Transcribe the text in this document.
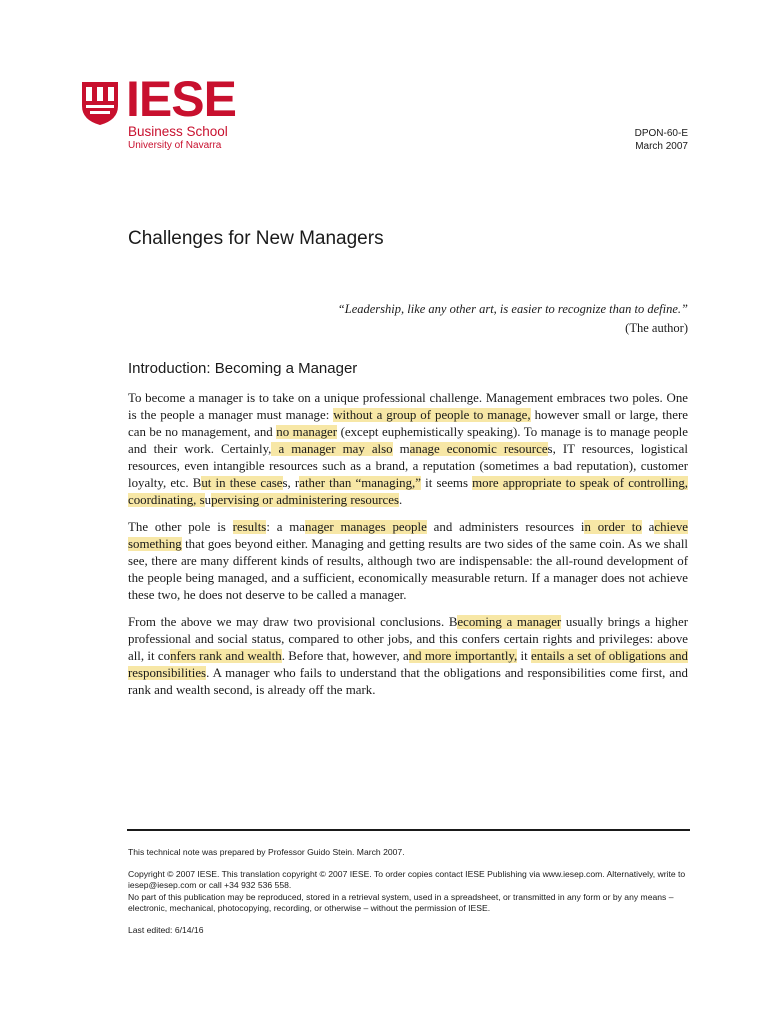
IESE
Business School
University of Navarra
DPON-60-E
March 2007
Challenges for New Managers
“Leadership, like any other art, is easier to recognize than to define.”
(The author)
Introduction: Becoming a Manager

To become a manager is to take on a unique professional challenge. Management embraces two poles. One is the people a manager must manage: without a group of people to manage, however small or large, there can be no management, and no manager (except euphemistically speaking). To manage is to manage people and their work. Certainly, a manager may also manage economic resources, IT resources, logistical resources, even intangible resources such as a brand, a reputation (sometimes a bad reputation), customer loyalty, etc. But in these cases, rather than “managing,” it seems more appropriate to speak of controlling, coordinating, supervising or administering resources.

The other pole is results: a manager manages people and administers resources in order to achieve something that goes beyond either. Managing and getting results are two sides of the same coin. As we shall see, there are many different kinds of results, although two are indispensable: the all-round development of the people being managed, and a sufficient, economically measurable return. If a manager does not achieve these two, he does not deserve to be called a manager.

From the above we may draw two provisional conclusions. Becoming a manager usually brings a higher professional and social status, compared to other jobs, and this confers certain rights and privileges: above all, it confers rank and wealth. Before that, however, and more importantly, it entails a set of obligations and responsibilities. A manager who fails to understand that the obligations and responsibilities come first, and rank and wealth second, is already off the mark.

This technical note was prepared by Professor Guido Stein. March 2007.

Copyright © 2007 IESE. This translation copyright © 2007 IESE. To order copies contact IESE Publishing via www.iesep.com. Alternatively, write to iesep@iesep.com or call +34 932 536 558.

No part of this publication may be reproduced, stored in a retrieval system, used in a spreadsheet, or transmitted in any form or by any means – electronic, mechanical, photocopying, recording, or otherwise – without the permission of IESE.

Last edited: 6/14/16
